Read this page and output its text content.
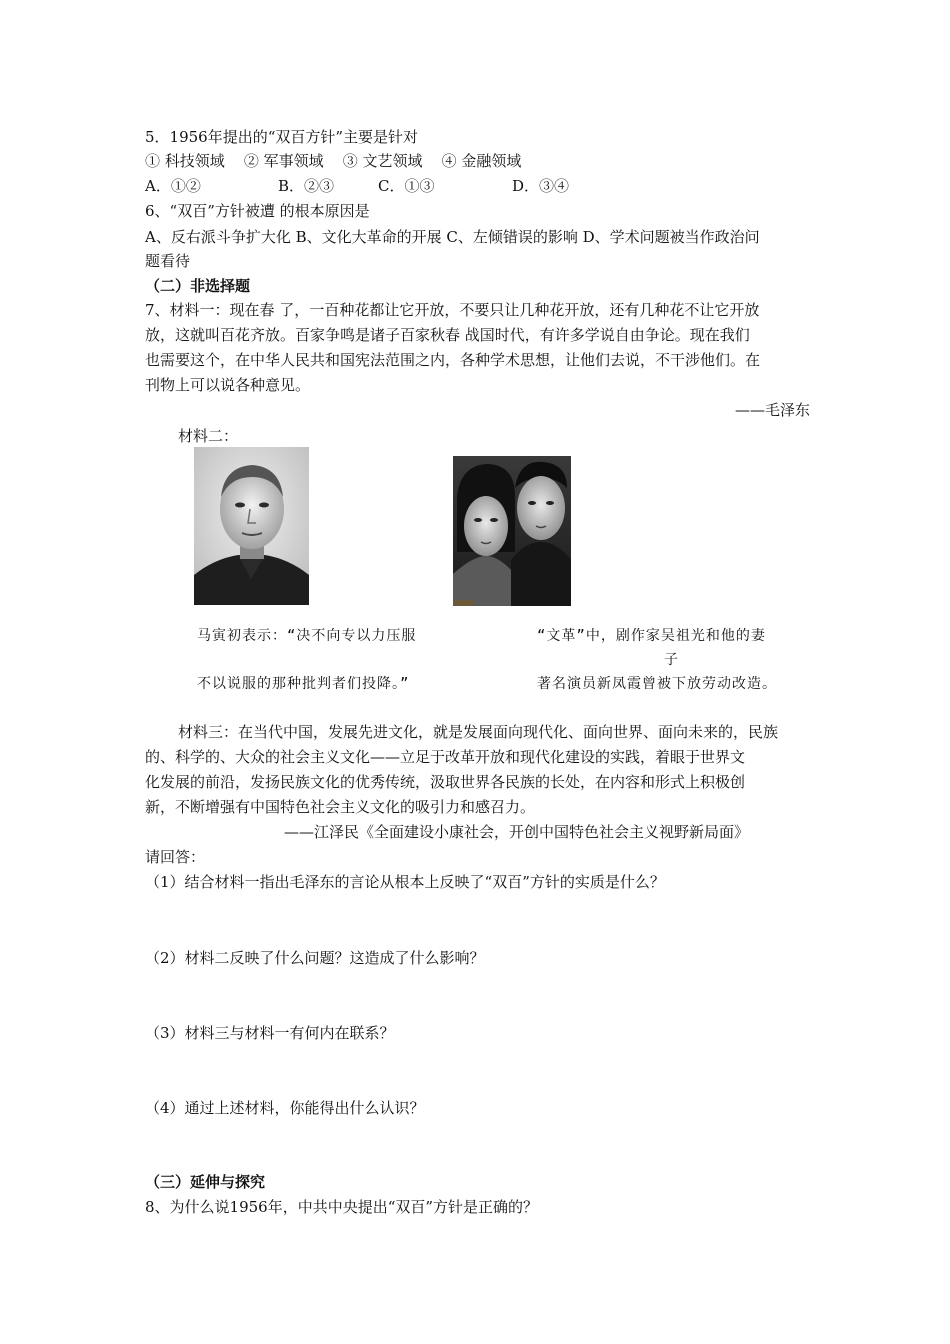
5．1956年提出的“双百方针”主要是针对
① 科技领域 ② 军事领域 ③ 文艺领域 ④ 金融领域
A．①②	B．②③	C．①③	D．③④
6、“双百”方针被遭 的根本原因是
A、反右派斗争扩大化 B、文化大革命的开展 C、左倾错误的影响 D、学术问题被当作政治问
题看待
（二）非选择题
7、材料一：现在春 了，一百种花都让它开放，不要只让几种花开放，还有几种花不让它开放
放，这就叫百花齐放。百家争鸣是诸子百家秋春 战国时代，有许多学说自由争论。现在我们
也需要这个，在中华人民共和国宪法范围之内，各种学术思想，让他们去说，不干涉他们。在
刊物上可以说各种意见。
——毛泽东
材料二：
马寅初表示：“决不向专以力压服
不以说服的那种批判者们投降。”
“文革”中，剧作家吴祖光和他的妻
子
著名演员新凤霞曾被下放劳动改造。
材料三：在当代中国，发展先进文化，就是发展面向现代化、面向世界、面向未来的，民族
的、科学的、大众的社会主义文化——立足于改革开放和现代化建设的实践，着眼于世界文
化发展的前沿，发扬民族文化的优秀传统，汲取世界各民族的长处，在内容和形式上积极创
新，不断增强有中国特色社会主义文化的吸引力和感召力。
——江泽民《全面建设小康社会，开创中国特色社会主义视野新局面》
请回答：
（1）结合材料一指出毛泽东的言论从根本上反映了“双百”方针的实质是什么？
（2）材料二反映了什么问题？这造成了什么影响？
（3）材料三与材料一有何内在联系？
（4）通过上述材料，你能得出什么认识？
（三）延伸与探究
8、为什么说1956年，中共中央提出“双百”方针是正确的？
